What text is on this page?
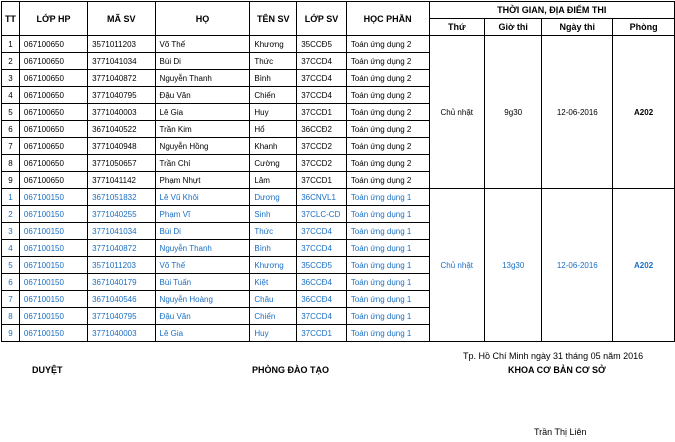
TT	LỚP HP	MÃ SV	HỌ	TÊN SV	LỚP SV	HỌC PHẦN	THỜI GIAN, ĐỊA ĐIỂM THI			
							Thứ	Giờ thi	Ngày thi	Phòng
1	067100650	3571011203	Võ Thế	Khương	35CCĐ5	Toán ứng dụng 2	Chủ nhật	9g30	12-06-2016	A202
2	067100650	3771041034	Bùi Di	Thức	37CCD4	Toán ứng dụng 2				
3	067100650	3771040872	Nguyễn Thanh	Bình	37CCD4	Toán ứng dụng 2				
4	067100650	3771040795	Đậu Văn	Chiến	37CCD4	Toán ứng dụng 2				
5	067100650	3771040003	Lê Gia	Huy	37CCD1	Toán ứng dụng 2				
6	067100650	3671040522	Trần Kim	Hổ	36CCĐ2	Toán ứng dụng 2				
7	067100650	3771040948	Nguyễn Hồng	Khanh	37CCD2	Toán ứng dụng 2				
8	067100650	3771050657	Trần Chí	Cường	37CCD2	Toán ứng dụng 2				
9	067100650	3771041142	Phạm Nhựt	Lâm	37CCD1	Toán ứng dụng 2				
1	067100150	3671051832	Lê Vũ Khôi	Dương	36CNVL1	Toán ứng dụng 1	Chủ nhật	13g30	12-06-2016	A202
2	067100150	3771040255	Phạm Vĩ	Sinh	37CLC-CD	Toán ứng dụng 1				
3	067100150	3771041034	Bùi Di	Thức	37CCD4	Toán ứng dụng 1				
4	067100150	3771040872	Nguyễn Thanh	Bình	37CCD4	Toán ứng dụng 1				
5	067100150	3571011203	Võ Thế	Khương	35CCĐ5	Toán ứng dụng 1				
6	067100150	3671040179	Bùi Tuấn	Kiệt	36CCĐ4	Toán ứng dụng 1				
7	067100150	3671040546	Nguyễn Hoàng	Châu	36CCĐ4	Toán ứng dụng 1				
8	067100150	3771040795	Đậu Văn	Chiến	37CCD4	Toán ứng dụng 1				
9	067100150	3771040003	Lê Gia	Huy	37CCD1	Toán ứng dụng 1				
DUYỆT	PHÒNG ĐÀO TẠO
Tp. Hồ Chí Minh ngày 31 tháng 05 năm 2016
KHOA CƠ BẢN CƠ SỞ
Trần Thị Liên
